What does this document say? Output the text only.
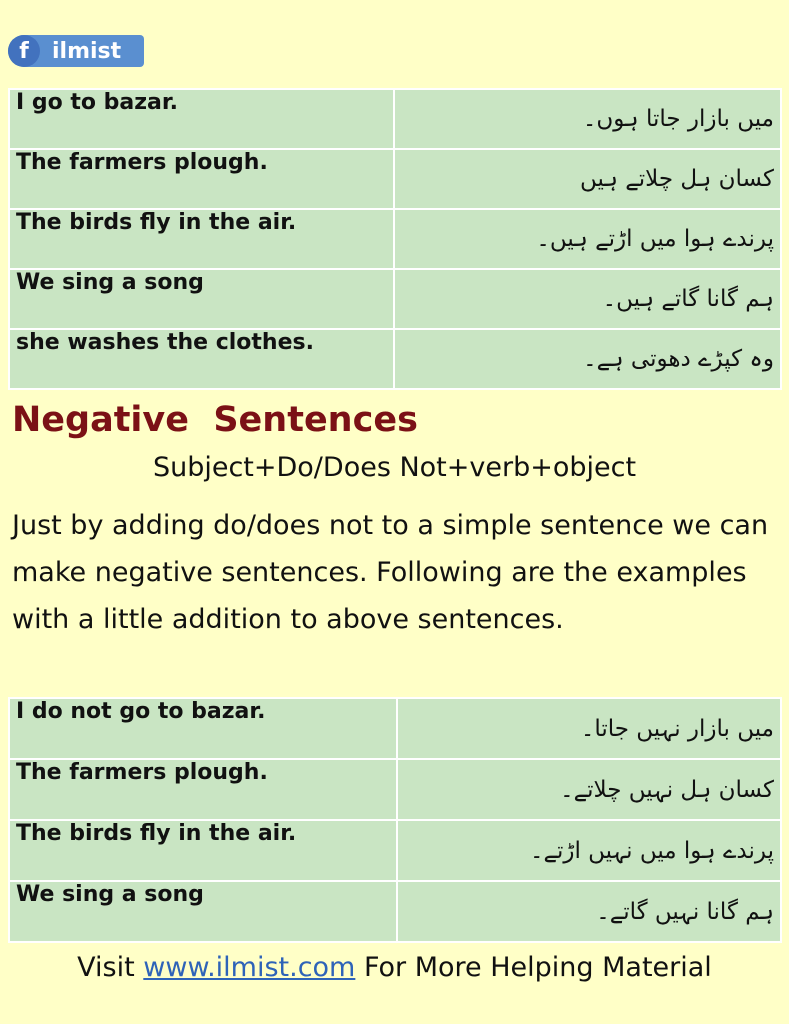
f	ilmist
I go to bazar.	میں بازار جاتا ہوں۔
The farmers plough.	کسان ہل چلاتے ہیں
The birds fly in the air.	پرندے ہوا میں اڑتے ہیں۔
We sing a song	ہم گانا گاتے ہیں۔
she washes the clothes.	وہ کپڑے دھوتی ہے۔
Negative  Sentences
Subject+Do/Does Not+verb+object
Just by adding do/does not to a simple sentence we can make negative sentences. Following are the examples with a little addition to above sentences.
I do not go to bazar.	میں بازار نہیں جاتا۔
The farmers plough.	کسان ہل نہیں چلاتے۔
The birds fly in the air.	پرندے ہوا میں نہیں اڑتے۔
We sing a song	ہم گانا نہیں گاتے۔
Visit www.ilmist.com For More Helping Material
